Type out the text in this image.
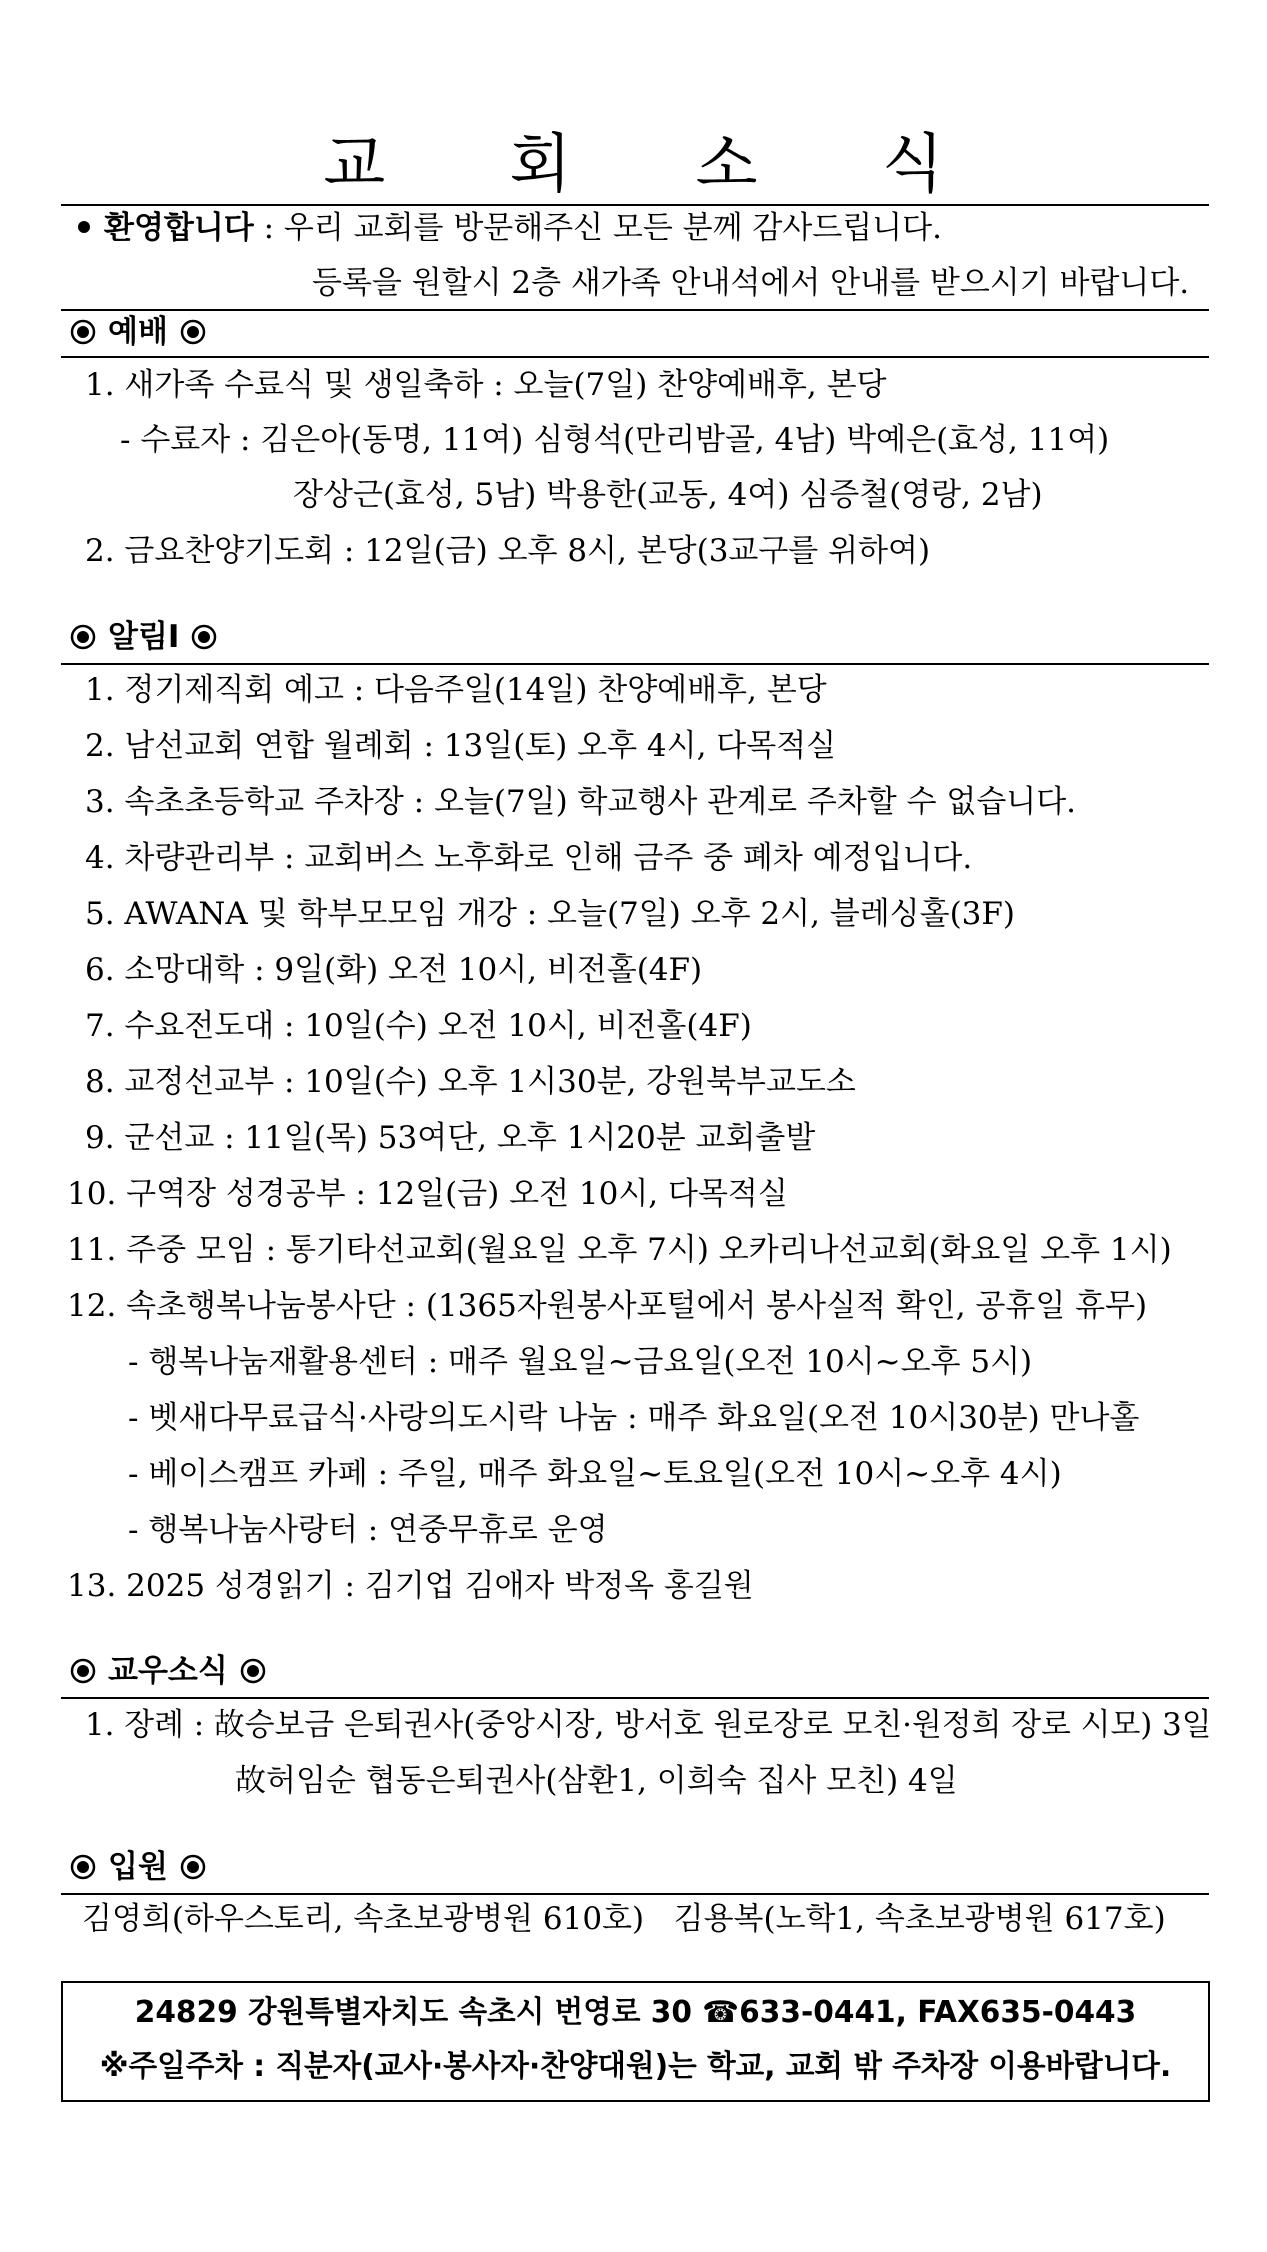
교 회 소 식
환영합니다 : 우리 교회를 방문해주신 모든 분께 감사드립니다.
등록을 원할시 2층 새가족 안내석에서 안내를 받으시기 바랍니다.
예배
1. 새가족 수료식 및 생일축하 : 오늘(7일) 찬양예배후, 본당
- 수료자 : 김은아(동명, 11여) 심형석(만리밤골, 4남) 박예은(효성, 11여)
장상근(효성, 5남) 박용한(교동, 4여) 심증철(영랑, 2남)
2. 금요찬양기도회 : 12일(금) 오후 8시, 본당(3교구를 위하여)
알림Ⅰ
1. 정기제직회 예고 : 다음주일(14일) 찬양예배후, 본당
2. 남선교회 연합 월례회 : 13일(토) 오후 4시, 다목적실
3. 속초초등학교 주차장 : 오늘(7일) 학교행사 관계로 주차할 수 없습니다.
4. 차량관리부 : 교회버스 노후화로 인해 금주 중 폐차 예정입니다.
5. AWANA 및 학부모모임 개강 : 오늘(7일) 오후 2시, 블레싱홀(3F)
6. 소망대학 : 9일(화) 오전 10시, 비전홀(4F)
7. 수요전도대 : 10일(수) 오전 10시, 비전홀(4F)
8. 교정선교부 : 10일(수) 오후 1시30분, 강원북부교도소
9. 군선교 : 11일(목) 53여단, 오후 1시20분 교회출발
10. 구역장 성경공부 : 12일(금) 오전 10시, 다목적실
11. 주중 모임 : 통기타선교회(월요일 오후 7시) 오카리나선교회(화요일 오후 1시)
12. 속초행복나눔봉사단 : (1365자원봉사포털에서 봉사실적 확인, 공휴일 휴무)
- 행복나눔재활용센터 : 매주 월요일~금요일(오전 10시~오후 5시)
- 벳새다무료급식·사랑의도시락 나눔 : 매주 화요일(오전 10시30분) 만나홀
- 베이스캠프 카페 : 주일, 매주 화요일~토요일(오전 10시~오후 4시)
- 행복나눔사랑터 : 연중무휴로 운영
13. 2025 성경읽기 : 김기업 김애자 박정옥 홍길원
교우소식
1. 장례 : 故승보금 은퇴권사(중앙시장, 방서호 원로장로 모친·원정희 장로 시모) 3일
故허임순 협동은퇴권사(삼환1, 이희숙 집사 모친) 4일
입원
김영희(하우스토리, 속초보광병원 610호)   김용복(노학1, 속초보광병원 617호)
24829 강원특별자치도 속초시 번영로 30 ☎633-0441, FAX635-0443
※주일주차 : 직분자(교사·봉사자·찬양대원)는 학교, 교회 밖 주차장 이용바랍니다.
